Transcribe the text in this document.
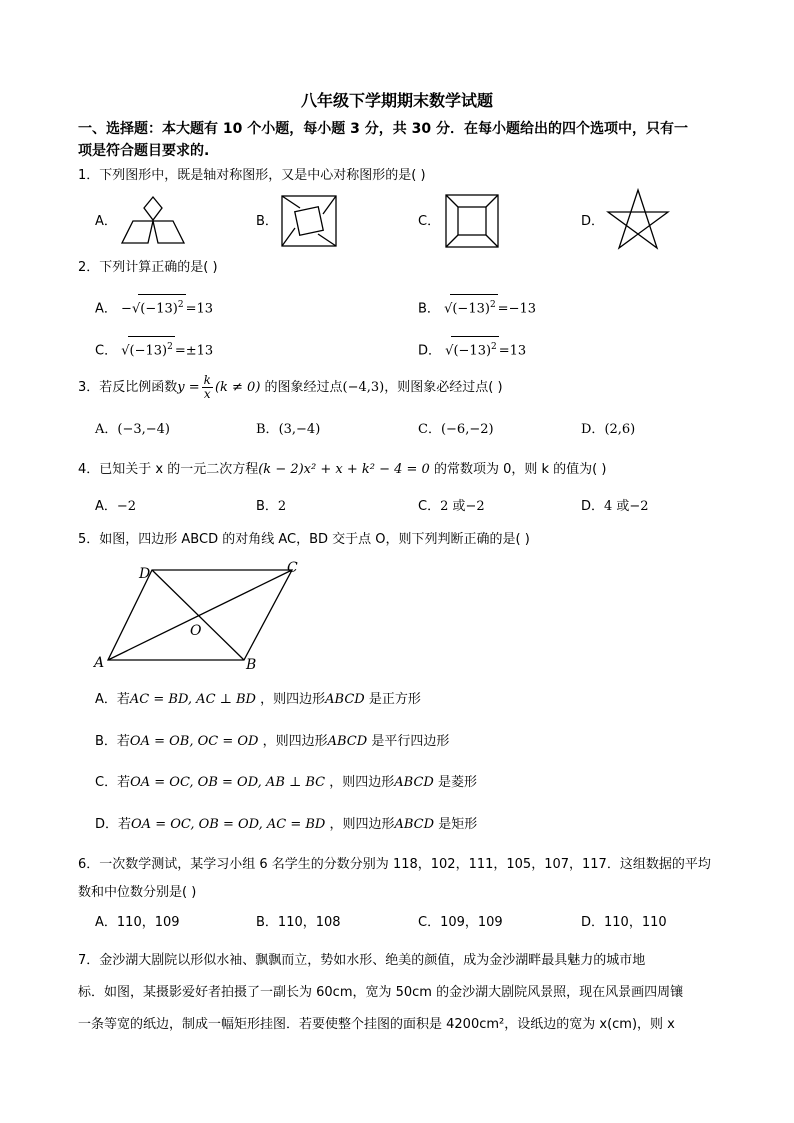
八年级下学期期末数学试题
一、选择题：本大题有 10 个小题，每小题 3 分，共 30 分．在每小题给出的四个选项中，只有一
项是符合题目要求的.
1．下列图形中，既是轴对称图形，又是中心对称图形的是( )
A．	B．	C．	D．
2．下列计算正确的是( )
A． $-√(-13)^2 =13$	B． $√(-13)^2 =-13$
C． $√(-13)^2 =\pm 13$	D． $√(-13)^2 =13$
3．若反比例函数$y = \frac{k}{x} (k \ne 0)$ 的图象经过点(−4,3)，则图象必经过点( )
A．(−3,−4)	B．(3,−4)	C．(−6,−2)	D．(2,6)
4．已知关于 x 的一元二次方程(k − 2)x² + x + k² − 4 = 0 的常数项为 0，则 k 的值为( )
A．−2	B．2	C．2 或−2	D．4 或−2
5．如图，四边形 ABCD 的对角线 AC，BD 交于点 O，则下列判断正确的是( )
A	B
C
D
O
A．若AC = BD, AC ⊥ BD ，则四边形ABCD 是正方形
B．若OA = OB, OC = OD ，则四边形ABCD 是平行四边形
C．若OA = OC, OB = OD, AB ⊥ BC ，则四边形ABCD 是菱形
D．若OA = OC, OB = OD, AC = BD ，则四边形ABCD 是矩形
6．一次数学测试，某学习小组 6 名学生的分数分别为 118，102，111，105，107，117．这组数据的平均
数和中位数分别是( )
A．110，109	B．110，108	C．109，109	D．110，110
7．金沙湖大剧院以形似水袖、飘飘而立，势如水形、绝美的颜值，成为金沙湖畔最具魅力的城市地
标．如图，某摄影爱好者拍摄了一副长为 60cm，宽为 50cm 的金沙湖大剧院风景照，现在风景画四周镶
一条等宽的纸边，制成一幅矩形挂图．若要使整个挂图的面积是 4200cm²，设纸边的宽为 x(cm)，则 x
